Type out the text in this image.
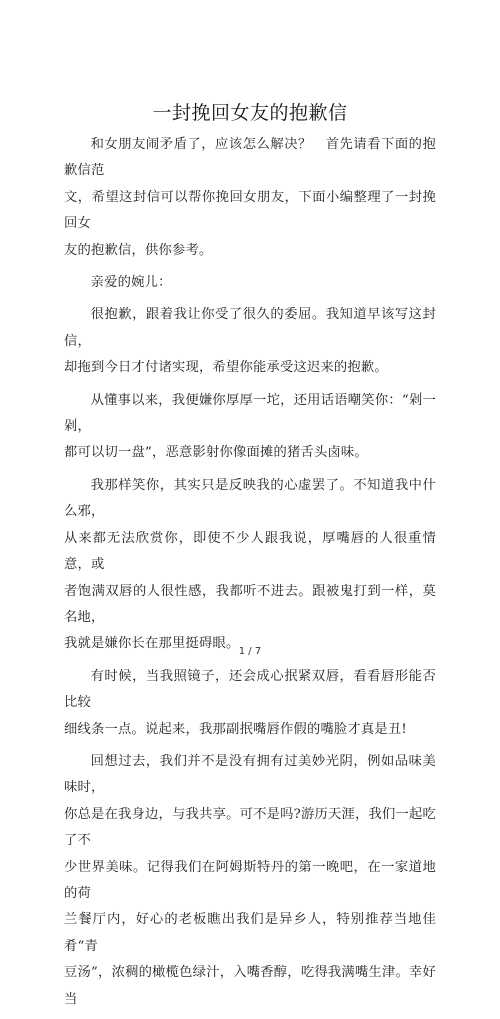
一封挽回女友的抱歉信

和女朋友闹矛盾了，应该怎么解决？　首先请看下面的抱歉信范
文，希望这封信可以帮你挽回女朋友，下面小编整理了一封挽回女
友的抱歉信，供你参考。

亲爱的婉儿：

很抱歉，跟着我让你受了很久的委屈。我知道早该写这封信，
却拖到今日才付诸实现，希望你能承受这迟来的抱歉。

从懂事以来，我便嫌你厚厚一坨，还用话语嘲笑你：“剁一剁，
都可以切一盘”，恶意影射你像面摊的猪舌头卤味。

我那样笑你，其实只是反映我的心虚罢了。不知道我中什么邪，
从来都无法欣赏你，即使不少人跟我说，厚嘴唇的人很重情意，或
者饱满双唇的人很性感，我都听不进去。跟被鬼打到一样，莫名地，
我就是嫌你长在那里挺碍眼。

有时候，当我照镜子，还会成心抿紧双唇，看看唇形能否比较
细线条一点。说起来，我那副抿嘴唇作假的嘴脸才真是丑!

回想过去，我们并不是没有拥有过美妙光阴，例如品味美味时，
你总是在我身边，与我共享。可不是吗?游历天涯，我们一起吃了不
少世界美味。记得我们在阿姆斯特丹的第一晚吧，在一家道地的荷
兰餐厅内，好心的老板瞧出我们是异乡人，特别推荐当地佳肴“青
豆汤”，浓稠的橄榄色绿汁，入嘴香醇，吃得我满嘴生津。幸好当

1 / 7
